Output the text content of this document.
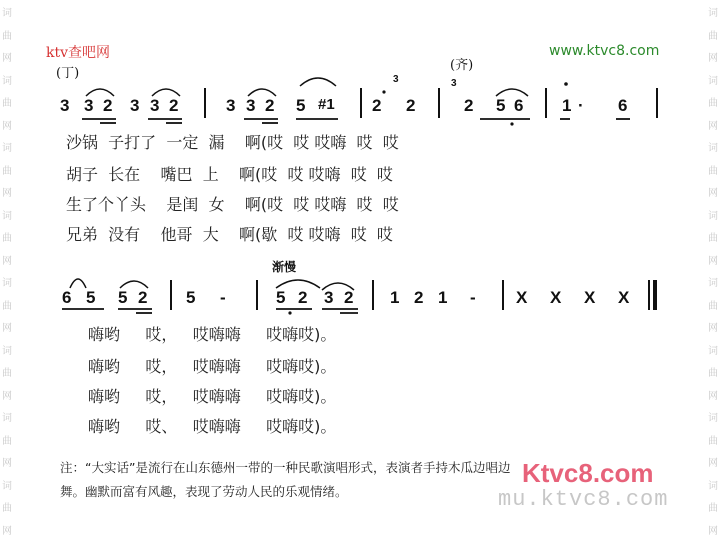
词
曲
网
词
曲
网
词
曲
网
词
曲
网
词
曲
网
词
曲
网
词
曲
网
词
曲
网
词
曲
网
词
曲
网
词
曲
网
词
曲
网
词
曲
网
词
曲
网
词
曲
网
词
曲
网
ktv查吧网	www.ktvc8.com
(丁)
(齐)
3 3 2 3 3 2	3 3 2 5 #1 2
3
2
3
2 5 6 1 · 6
沙锅  子打了  一定  漏    啊(哎  哎 哎嗨  哎  哎
胡子  长在    嘴巴  上    啊(哎  哎 哎嗨  哎  哎
生了个丫头    是闺  女    啊(哎  哎 哎嗨  哎  哎
兄弟  没有    他哥  大    啊(歇  哎 哎嗨  哎  哎
渐慢
6 5 5 2 5 -	5 2 3 2 1 2 1 - X X X X
嗨哟     哎，   哎嗨嗨     哎嗨哎)。
嗨哟     哎，   哎嗨嗨     哎嗨哎)。
嗨哟     哎，   哎嗨嗨     哎嗨哎)。
嗨哟     哎、   哎嗨嗨     哎嗨哎)。
注：“大实话”是流行在山东德州一带的一种民歌演唱形式，表演者手持木瓜边唱边
舞。幽默而富有风趣，表现了劳动人民的乐观情绪。
Ktvc8.com
mu.ktvc8.com
